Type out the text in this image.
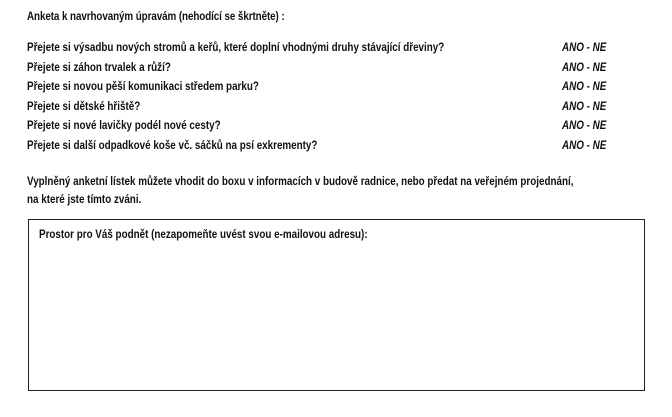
Anketa k navrhovaným úpravám (nehodící se škrtněte) :
Přejete si výsadbu nových stromů a keřů, které doplní vhodnými druhy stávající dřeviny?	ANO - NE
Přejete si záhon trvalek a růží?	ANO - NE
Přejete si novou pěší komunikaci středem parku?	ANO - NE
Přejete si dětské hřiště?	ANO - NE
Přejete si nové lavičky podél nové cesty?	ANO - NE
Přejete si další odpadkové koše vč. sáčků na psí exkrementy?	ANO - NE
Vyplněný anketní lístek můžete vhodit do boxu v informacích v budově radnice, nebo předat na veřejném projednání,
na které jste tímto zváni.
Prostor pro Váš podnět (nezapomeňte uvést svou e-mailovou adresu):
